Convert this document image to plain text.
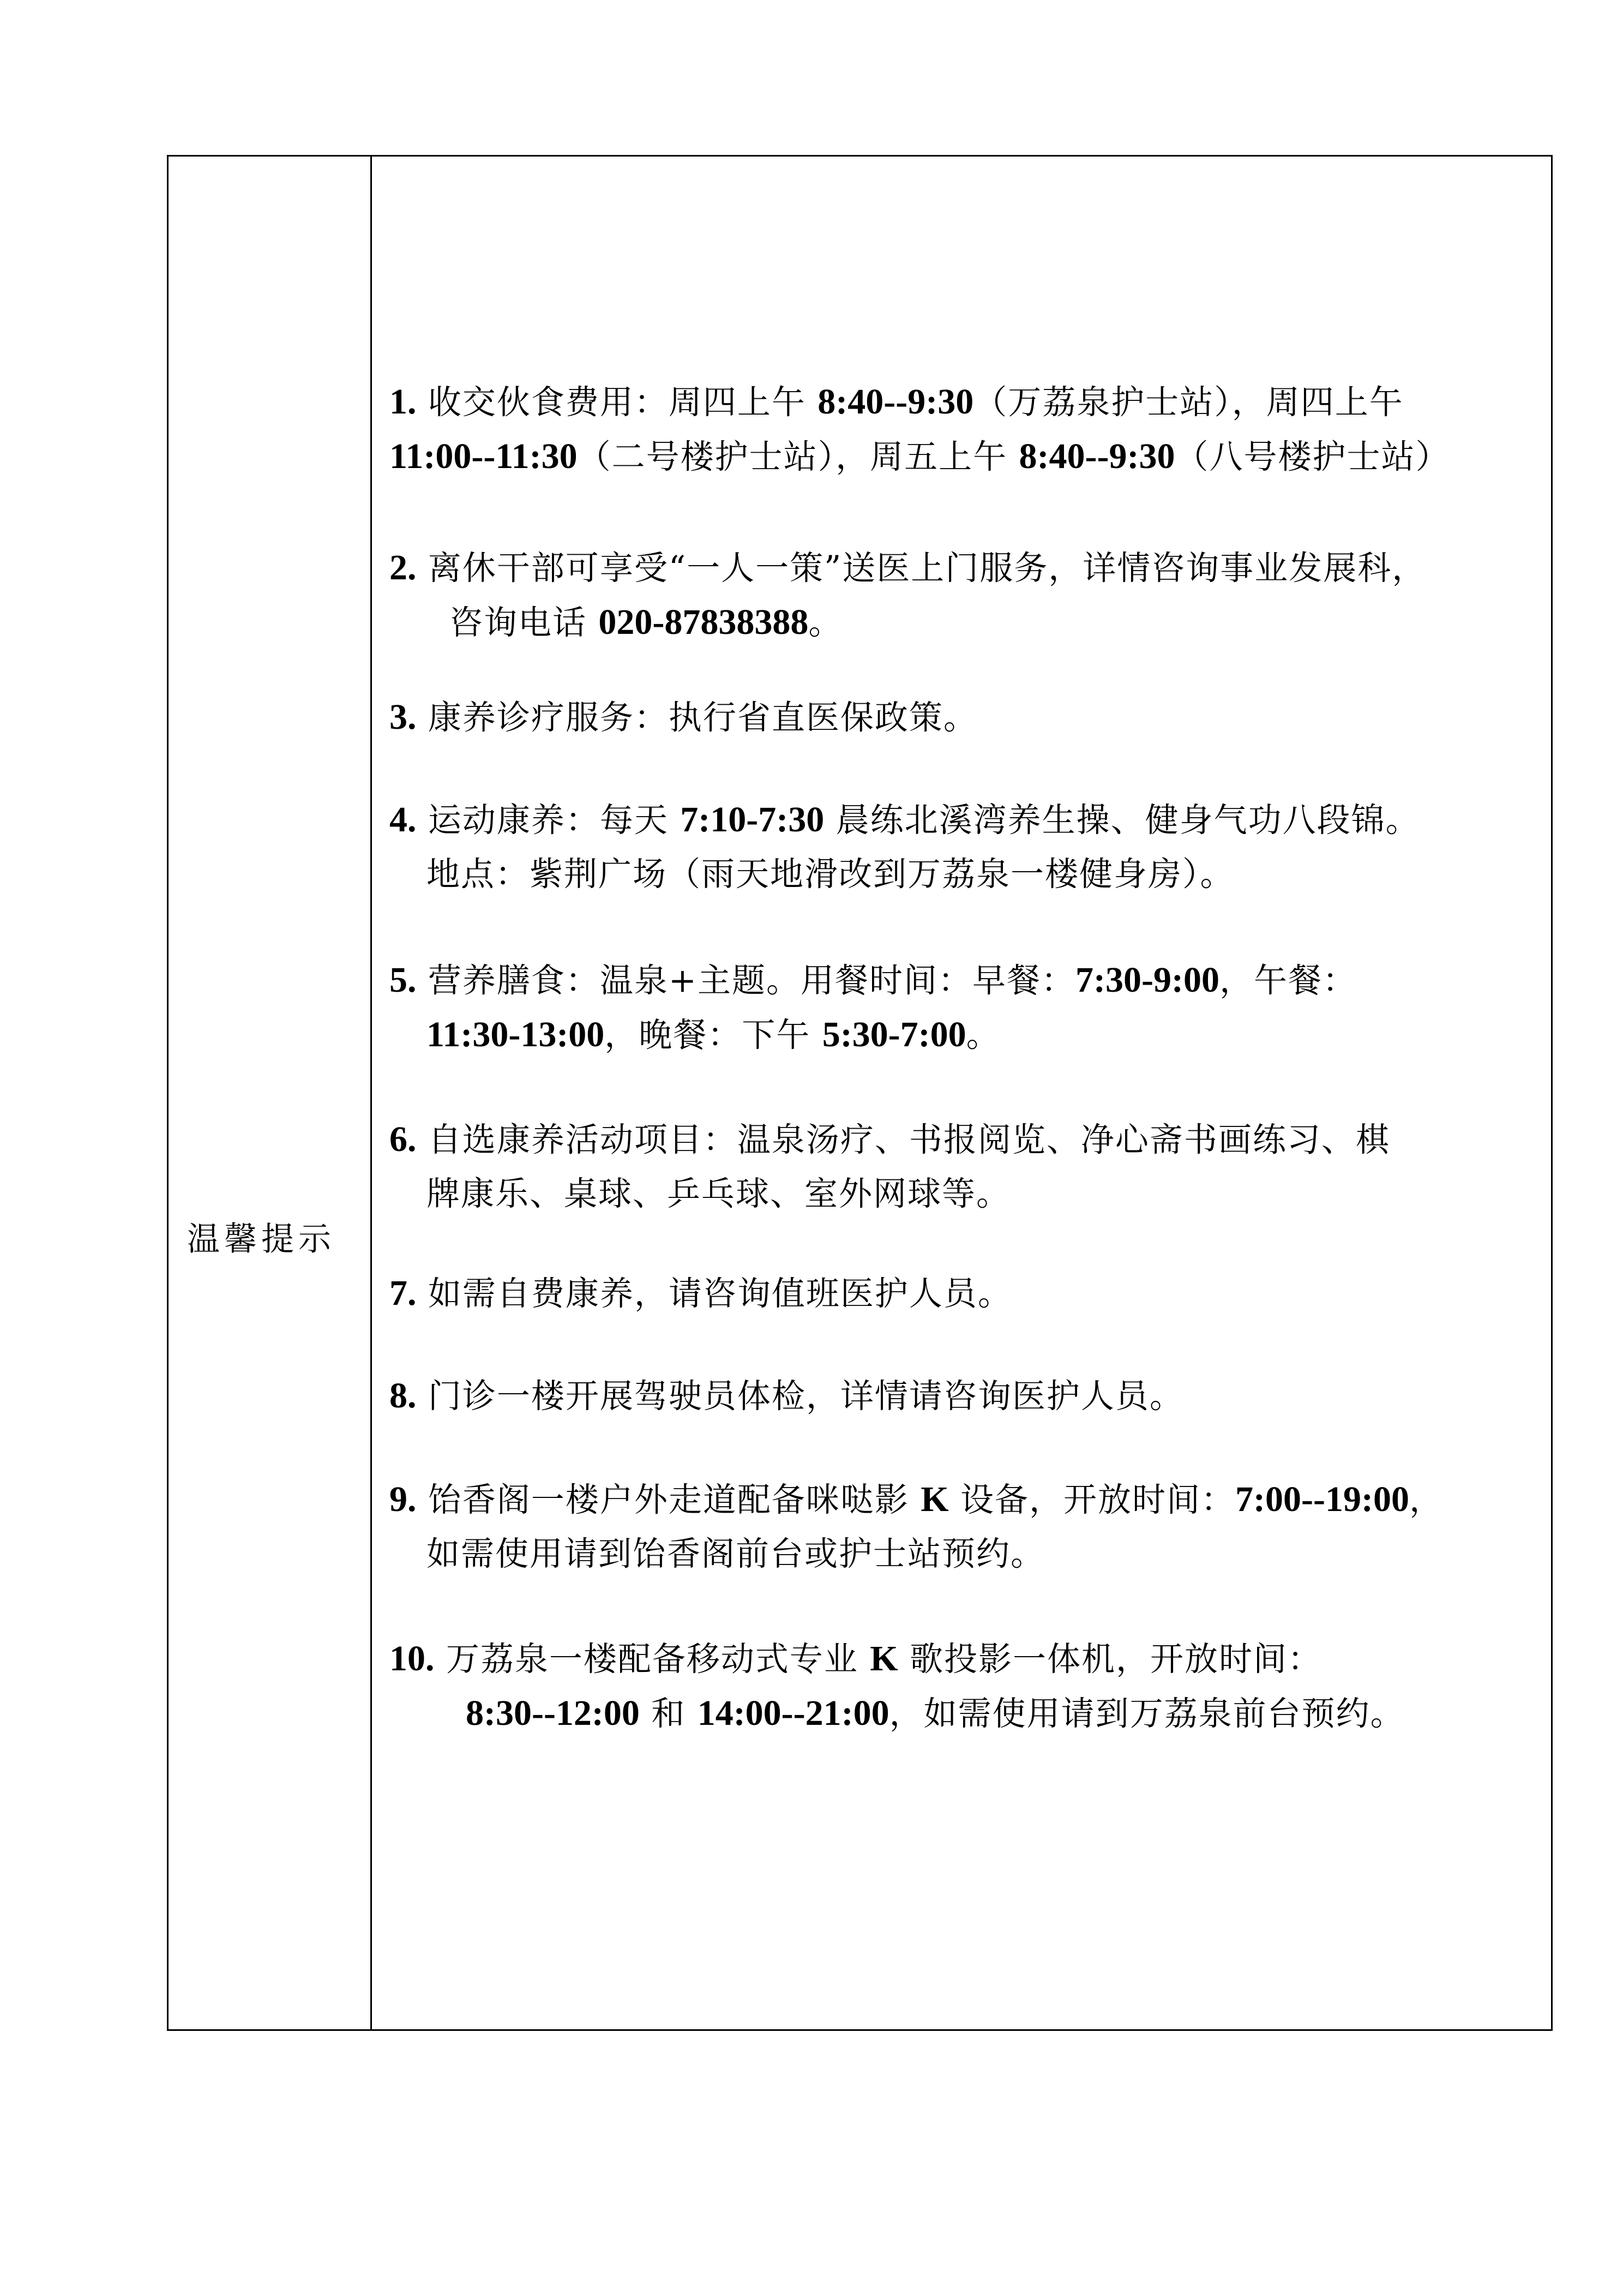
温馨提示
1. 收交伙食费用：周四上午 8:40--9:30（万荔泉护士站），周四上午
11:00--11:30（二号楼护士站），周五上午 8:40--9:30（八号楼护士站）
2. 离休干部可享受“一人一策”送医上门服务，详情咨询事业发展科，
咨询电话 020-87838388。
3. 康养诊疗服务：执行省直医保政策。
4. 运动康养：每天 7:10-7:30 晨练北溪湾养生操、健身气功八段锦。
地点：紫荆广场（雨天地滑改到万荔泉一楼健身房）。
5. 营养膳食：温泉+主题。用餐时间：早餐：7:30-9:00，午餐：
11:30-13:00，晚餐：下午 5:30-7:00。
6. 自选康养活动项目：温泉汤疗、书报阅览、净心斋书画练习、棋
牌康乐、桌球、乒乓球、室外网球等。
7. 如需自费康养，请咨询值班医护人员。
8. 门诊一楼开展驾驶员体检，详情请咨询医护人员。
9. 饴香阁一楼户外走道配备咪哒影 K 设备，开放时间：7:00--19:00，
如需使用请到饴香阁前台或护士站预约。
10. 万荔泉一楼配备移动式专业 K 歌投影一体机，开放时间：
8:30--12:00 和 14:00--21:00，如需使用请到万荔泉前台预约。
